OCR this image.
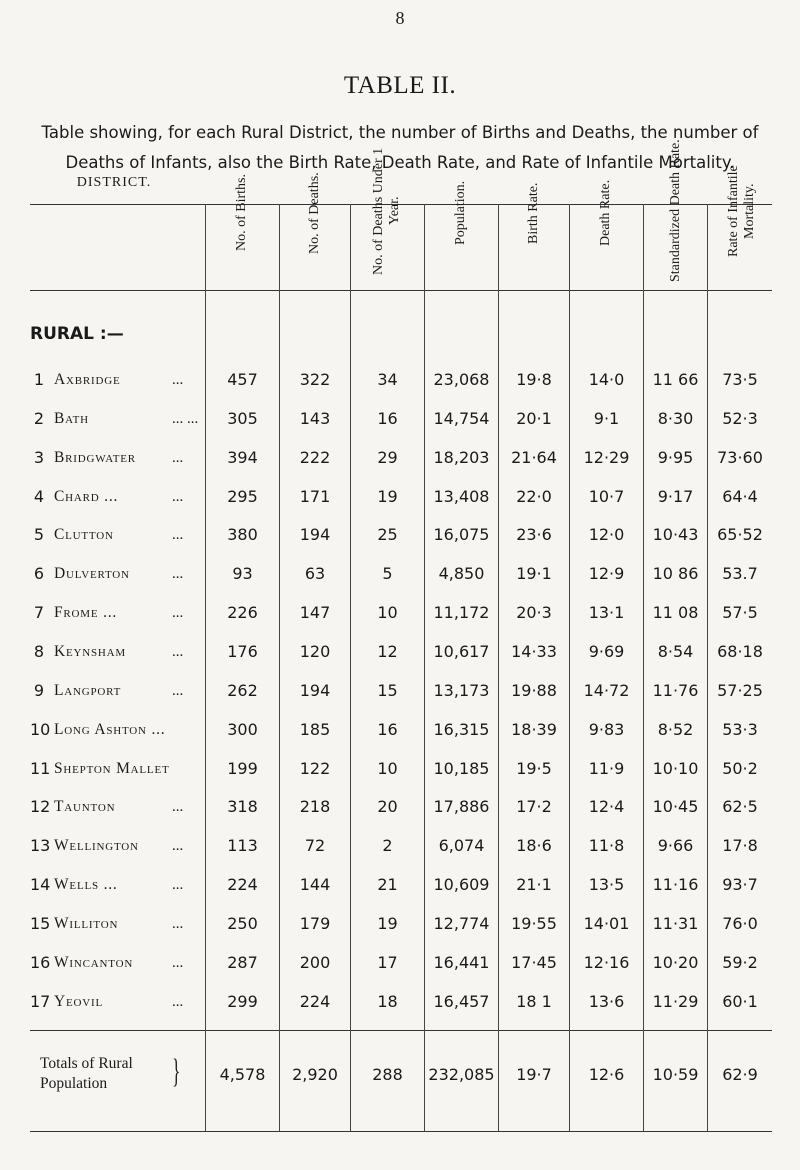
8
TABLE II.
Table showing, for each Rural District, the number of Births and Deaths, the number of Deaths of Infants, also the Birth Rate, Death Rate, and Rate of Infantile Mortality.
DISTRICT.	No. of Births.	No. of Deaths.	No. of Deaths Under 1 Year.	Population.	Birth Rate.	Death Rate.	Standardized Death Rate.	Rate of Infantile Mortality.
RURAL :—
1 Axbridge	...	457	322	34	23,068	19·8	14·0	11 66	73·5
2 Bath	... ...	305	143	16	14,754	20·1	9·1	8·30	52·3
3 Bridgwater ...	394	222	29	18,203	21·64	12·29	9·95	73·60
4 Chard ...	...	295	171	19	13,408	22·0	10·7	9·17	64·4
5 Clutton	...	380	194	25	16,075	23·6	12·0	10·43	65·52
6 Dulverton	...	93	63	5	4,850	19·1	12·9	10 86	53.7
7 Frome ...	...	226	147	10	11,172	20·3	13·1	11 08	57·5
8 Keynsham	...	176	120	12	10,617	14·33	9·69	8·54	68·18
9 Langport	...	262	194	15	13,173	19·88	14·72	11·76	57·25
10 Long Ashton ...	300	185	16	16,315	18·39	9·83	8·52	53·3
11 Shepton Mallet	199	122	10	10,185	19·5	11·9	10·10	50·2
12 Taunton	...	318	218	20	17,886	17·2	12·4	10·45	62·5
13 Wellington ...	113	72	2	6,074	18·6	11·8	9·66	17·8
14 Wells ...	...	224	144	21	10,609	21·1	13·5	11·16	93·7
15 Williton	...	250	179	19	12,774	19·55	14·01	11·31	76·0
16 Wincanton	...	287	200	17	16,441	17·45	12·16	10·20	59·2
17 Yeovil	...	299	224	18	16,457	18 1	13·6	11·29	60·1
Totals of Rural
Population	}	4,578	2,920	288	232,085	19·7	12·6	10·59	62·9
